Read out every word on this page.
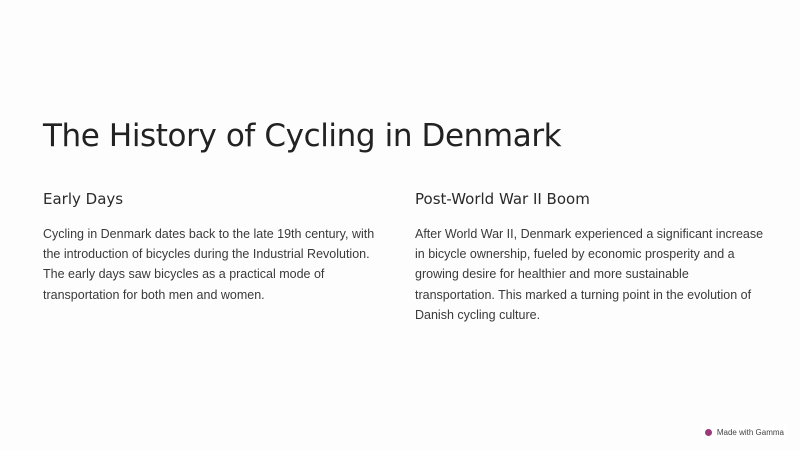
The History of Cycling in Denmark
Early Days

Cycling in Denmark dates back to the late 19th century, with the introduction of bicycles during the Industrial Revolution. The early days saw bicycles as a practical mode of transportation for both men and women.

Post-World War II Boom

After World War II, Denmark experienced a significant increase in bicycle ownership, fueled by economic prosperity and a growing desire for healthier and more sustainable transportation. This marked a turning point in the evolution of Danish cycling culture.

Made with Gamma
